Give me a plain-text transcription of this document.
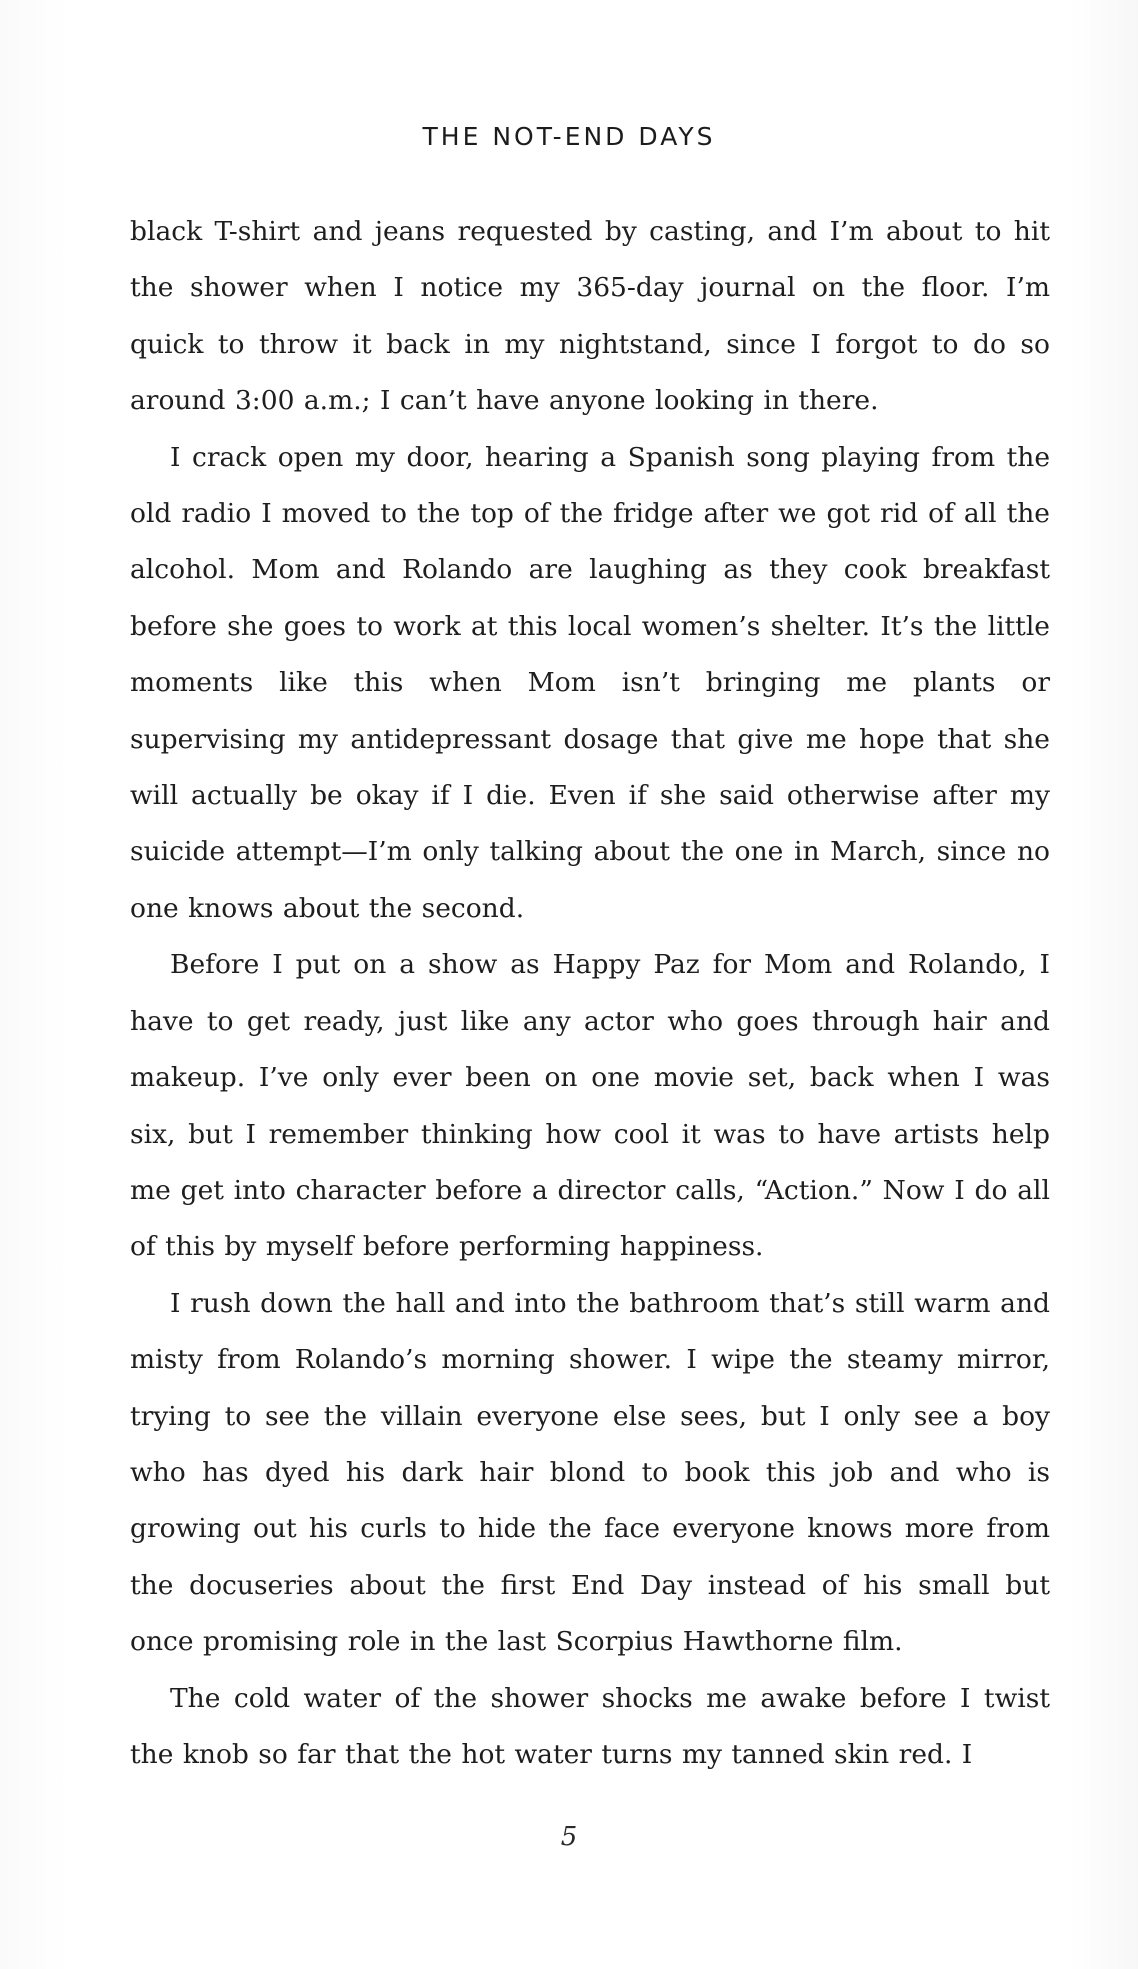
THE NOT-END DAYS

black T-shirt and jeans requested by casting, and I’m about to hit the shower when I notice my 365-day journal on the floor. I’m quick to throw it back in my nightstand, since I forgot to do so around 3:00 a.m.; I can’t have anyone looking in there.

I crack open my door, hearing a Spanish song playing from the old radio I moved to the top of the fridge after we got rid of all the alcohol. Mom and Rolando are laughing as they cook breakfast before she goes to work at this local women’s shelter. It’s the little moments like this when Mom isn’t bringing me plants or supervising my antidepressant dosage that give me hope that she will actually be okay if I die. Even if she said otherwise after my suicide attempt—I’m only talking about the one in March, since no one knows about the second.

Before I put on a show as Happy Paz for Mom and Rolando, I have to get ready, just like any actor who goes through hair and makeup. I’ve only ever been on one movie set, back when I was six, but I remember thinking how cool it was to have artists help me get into character before a director calls, “Action.” Now I do all of this by myself before performing happiness.

I rush down the hall and into the bathroom that’s still warm and misty from Rolando’s morning shower. I wipe the steamy mirror, trying to see the villain everyone else sees, but I only see a boy who has dyed his dark hair blond to book this job and who is growing out his curls to hide the face everyone knows more from the docuseries about the first End Day instead of his small but once promising role in the last Scorpius Hawthorne film.

The cold water of the shower shocks me awake before I twist the knob so far that the hot water turns my tanned skin red. I

5
